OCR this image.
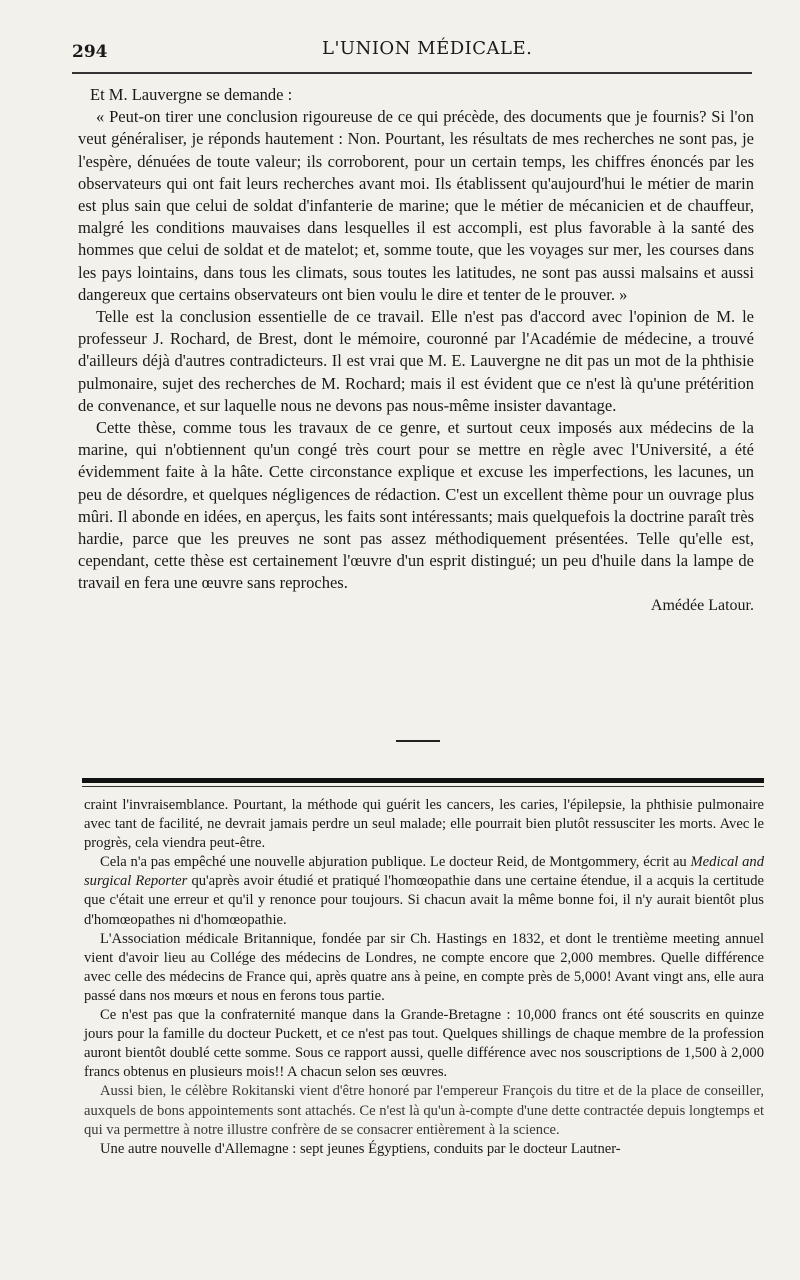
294	L'UNION MÉDICALE.

Et M. Lauvergne se demande :

« Peut-on tirer une conclusion rigoureuse de ce qui précède, des documents que je fournis? Si l'on veut généraliser, je réponds hautement : Non. Pourtant, les résultats de mes recherches ne sont pas, je l'espère, dénuées de toute valeur; ils corroborent, pour un certain temps, les chiffres énoncés par les observateurs qui ont fait leurs recherches avant moi. Ils établissent qu'aujourd'hui le métier de marin est plus sain que celui de soldat d'infanterie de marine; que le métier de mécanicien et de chauffeur, malgré les conditions mauvaises dans lesquelles il est accompli, est plus favorable à la santé des hommes que celui de soldat et de matelot; et, somme toute, que les voyages sur mer, les courses dans les pays lointains, dans tous les climats, sous toutes les latitudes, ne sont pas aussi malsains et aussi dangereux que certains observateurs ont bien voulu le dire et tenter de le prouver. »

Telle est la conclusion essentielle de ce travail. Elle n'est pas d'accord avec l'opinion de M. le professeur J. Rochard, de Brest, dont le mémoire, couronné par l'Académie de médecine, a trouvé d'ailleurs déjà d'autres contradicteurs. Il est vrai que M. E. Lauvergne ne dit pas un mot de la phthisie pulmonaire, sujet des recherches de M. Rochard; mais il est évident que ce n'est là qu'une prétérition de convenance, et sur laquelle nous ne devons pas nous-même insister davantage.

Cette thèse, comme tous les travaux de ce genre, et surtout ceux imposés aux médecins de la marine, qui n'obtiennent qu'un congé très court pour se mettre en règle avec l'Université, a été évidemment faite à la hâte. Cette circonstance explique et excuse les imperfections, les lacunes, un peu de désordre, et quelques négligences de rédaction. C'est un excellent thème pour un ouvrage plus mûri. Il abonde en idées, en aperçus, les faits sont intéressants; mais quelquefois la doctrine paraît très hardie, parce que les preuves ne sont pas assez méthodiquement présentées. Telle qu'elle est, cependant, cette thèse est certainement l'œuvre d'un esprit distingué; un peu d'huile dans la lampe de travail en fera une œuvre sans reproches.

Amédée Latour.

craint l'invraisemblance. Pourtant, la méthode qui guérit les cancers, les caries, l'épilepsie, la phthisie pulmonaire avec tant de facilité, ne devrait jamais perdre un seul malade; elle pourrait bien plutôt ressusciter les morts. Avec le progrès, cela viendra peut-être.

Cela n'a pas empêché une nouvelle abjuration publique. Le docteur Reid, de Montgommery, écrit au Medical and surgical Reporter qu'après avoir étudié et pratiqué l'homœopathie dans une certaine étendue, il a acquis la certitude que c'était une erreur et qu'il y renonce pour toujours. Si chacun avait la même bonne foi, il n'y aurait bientôt plus d'homœopathes ni d'homœopathie.

L'Association médicale Britannique, fondée par sir Ch. Hastings en 1832, et dont le trentième meeting annuel vient d'avoir lieu au Collége des médecins de Londres, ne compte encore que 2,000 membres. Quelle différence avec celle des médecins de France qui, après quatre ans à peine, en compte près de 5,000! Avant vingt ans, elle aura passé dans nos mœurs et nous en ferons tous partie.

Ce n'est pas que la confraternité manque dans la Grande-Bretagne : 10,000 francs ont été souscrits en quinze jours pour la famille du docteur Puckett, et ce n'est pas tout. Quelques shillings de chaque membre de la profession auront bientôt doublé cette somme. Sous ce rapport aussi, quelle différence avec nos souscriptions de 1,500 à 2,000 francs obtenus en plusieurs mois!! A chacun selon ses œuvres.

Aussi bien, le célèbre Rokitanski vient d'être honoré par l'empereur François du titre et de la place de conseiller, auxquels de bons appointements sont attachés. Ce n'est là qu'un à-compte d'une dette contractée depuis longtemps et qui va permettre à notre illustre confrère de se consacrer entièrement à la science.

Une autre nouvelle d'Allemagne : sept jeunes Égyptiens, conduits par le docteur Lautner-
